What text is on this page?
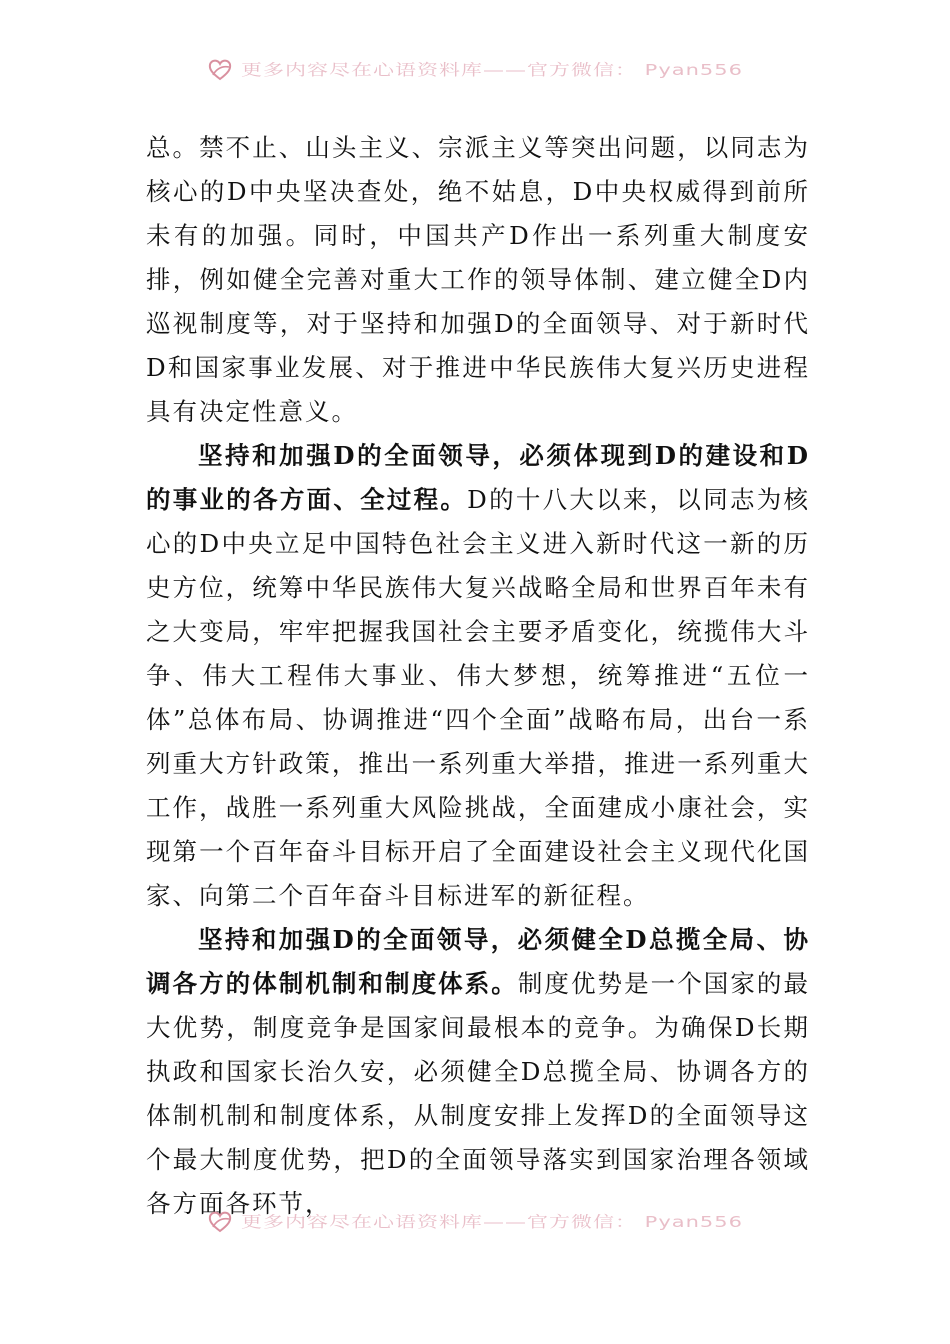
更多内容尽在心语资料库——官方微信： Pyan556

总。禁不止、山头主义、宗派主义等突出问题，以同志为核心的D中央坚决查处，绝不姑息，D中央权威得到前所未有的加强。同时，中国共产D作出一系列重大制度安排，例如健全完善对重大工作的领导体制、建立健全D内巡视制度等，对于坚持和加强D的全面领导、对于新时代D和国家事业发展、对于推进中华民族伟大复兴历史进程具有决定性意义。

坚持和加强D的全面领导，必须体现到D的建设和D的事业的各方面、全过程。D的十八大以来，以同志为核心的D中央立足中国特色社会主义进入新时代这一新的历史方位，统筹中华民族伟大复兴战略全局和世界百年未有之大变局，牢牢把握我国社会主要矛盾变化，统揽伟大斗争、伟大工程伟大事业、伟大梦想，统筹推进“五位一体”总体布局、协调推进“四个全面”战略布局，出台一系列重大方针政策，推出一系列重大举措，推进一系列重大工作，战胜一系列重大风险挑战，全面建成小康社会，实现第一个百年奋斗目标开启了全面建设社会主义现代化国家、向第二个百年奋斗目标进军的新征程。

坚持和加强D的全面领导，必须健全D总揽全局、协调各方的体制机制和制度体系。制度优势是一个国家的最大优势，制度竞争是国家间最根本的竞争。为确保D长期执政和国家长治久安，必须健全D总揽全局、协调各方的体制机制和制度体系，从制度安排上发挥D的全面领导这个最大制度优势，把D的全面领导落实到国家治理各领域各方面各环节，

更多内容尽在心语资料库——官方微信： Pyan556
